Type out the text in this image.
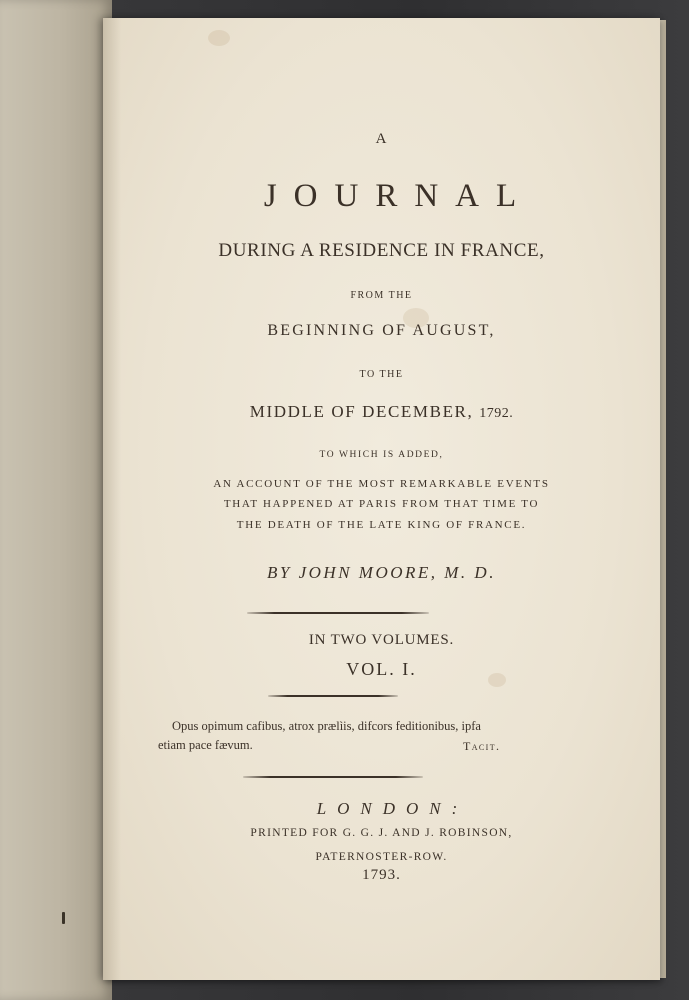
A
JOURNAL
DURING A RESIDENCE IN FRANCE,
FROM THE
BEGINNING OF AUGUST,
TO THE
MIDDLE OF DECEMBER, 1792.
TO WHICH IS ADDED,
AN ACCOUNT OF THE MOST REMARKABLE EVENTS
THAT HAPPENED AT PARIS FROM THAT TIME TO
THE DEATH OF THE LATE KING OF FRANCE.
BY JOHN MOORE, M. D.
IN TWO VOLUMES.
VOL. I.
Opus opimum cafibus, atrox prælìis, difcors feditionibus, ipfa
etiam pace fævum.	Tacit.
LONDON:
PRINTED FOR G. G. J. AND J. ROBINSON,
PATERNOSTER-ROW.
1793.
